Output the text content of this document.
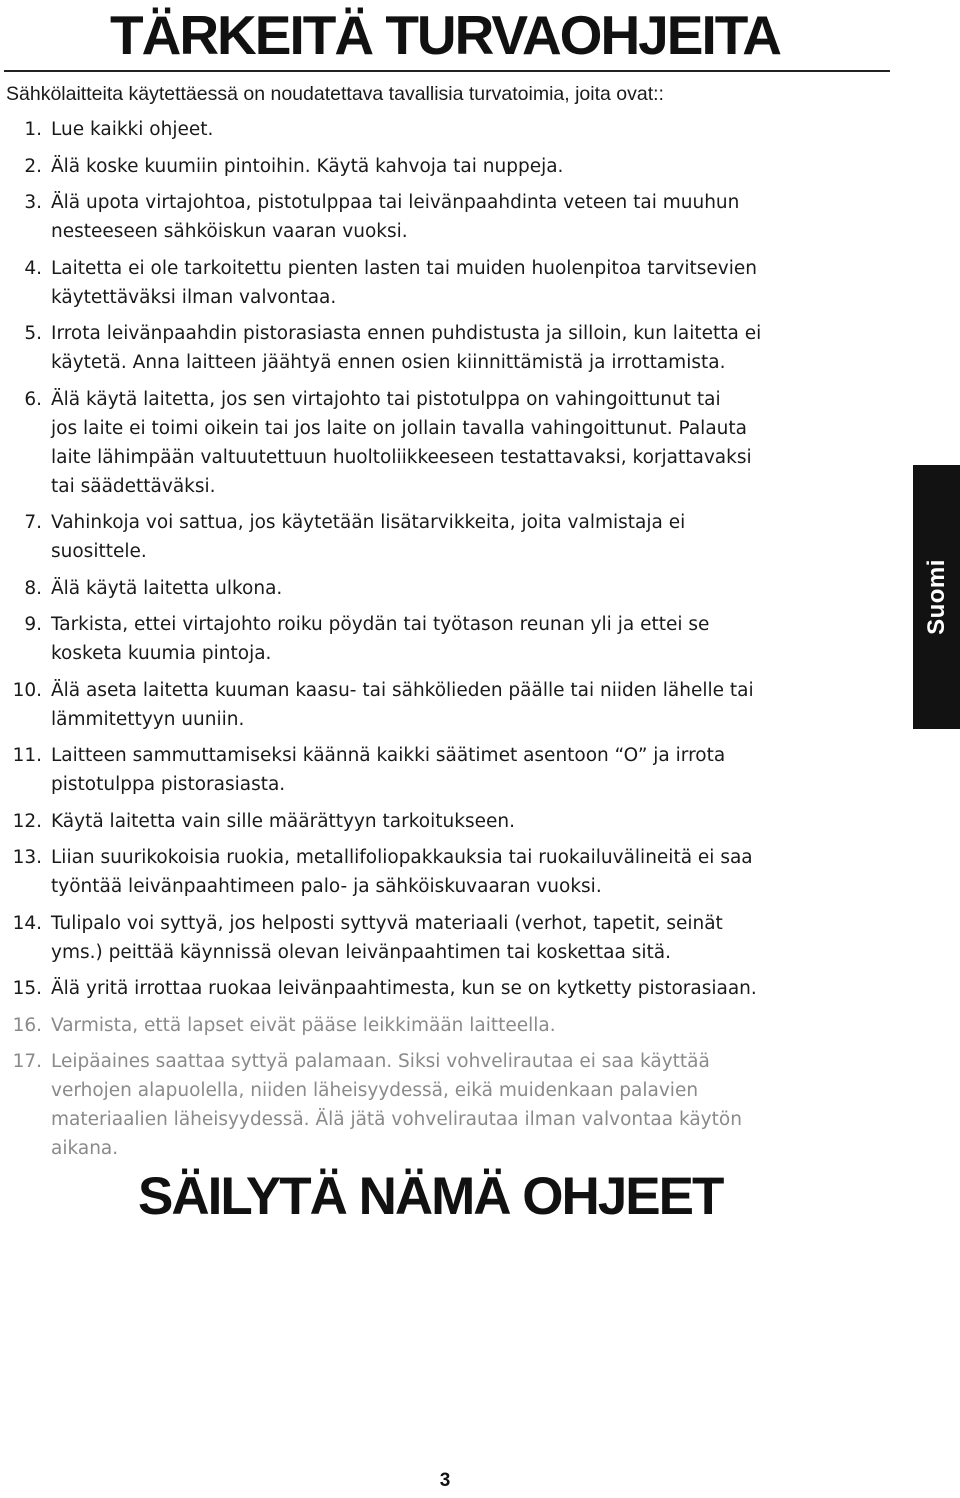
TÄRKEITÄ TURVAOHJEITA

Sähkölaitteita käytettäessä on noudatettava tavallisia turvatoimia, joita ovat::

1. Lue kaikki ohjeet.
2. Älä koske kuumiin pintoihin. Käytä kahvoja tai nuppeja.
3. Älä upota virtajohtoa, pistotulppaa tai leivänpaahdinta veteen tai muuhun
nesteeseen sähköiskun vaaran vuoksi.
4. Laitetta ei ole tarkoitettu pienten lasten tai muiden huolenpitoa tarvitsevien
käytettäväksi ilman valvontaa.
5. Irrota leivänpaahdin pistorasiasta ennen puhdistusta ja silloin, kun laitetta ei
käytetä. Anna laitteen jäähtyä ennen osien kiinnittämistä ja irrottamista.
6. Älä käytä laitetta, jos sen virtajohto tai pistotulppa on vahingoittunut tai
jos laite ei toimi oikein tai jos laite on jollain tavalla vahingoittunut. Palauta
laite lähimpään valtuutettuun huoltoliikkeeseen testattavaksi, korjattavaksi
tai säädettäväksi.
7. Vahinkoja voi sattua, jos käytetään lisätarvikkeita, joita valmistaja ei
suosittele.
8. Älä käytä laitetta ulkona.
9. Tarkista, ettei virtajohto roiku pöydän tai työtason reunan yli ja ettei se
kosketa kuumia pintoja.
10. Älä aseta laitetta kuuman kaasu- tai sähkölieden päälle tai niiden lähelle tai
lämmitettyyn uuniin.
11. Laitteen sammuttamiseksi käännä kaikki säätimet asentoon “O” ja irrota
pistotulppa pistorasiasta.
12. Käytä laitetta vain sille määrättyyn tarkoitukseen.
13. Liian suurikokoisia ruokia, metallifoliopakkauksia tai ruokailuvälineitä ei saa
työntää leivänpaahtimeen palo- ja sähköiskuvaaran vuoksi.
14. Tulipalo voi syttyä, jos helposti syttyvä materiaali (verhot, tapetit, seinät
yms.) peittää käynnissä olevan leivänpaahtimen tai koskettaa sitä.
15. Älä yritä irrottaa ruokaa leivänpaahtimesta, kun se on kytketty pistorasiaan.
16. Varmista, että lapset eivät pääse leikkimään laitteella.
17. Leipäaines saattaa syttyä palamaan. Siksi vohvelirautaa ei saa käyttää
verhojen alapuolella, niiden läheisyydessä, eikä muidenkaan palavien
materiaalien läheisyydessä. Älä jätä vohvelirautaa ilman valvontaa käytön
aikana.
SÄILYTÄ NÄMÄ OHJEET
Suomi
3
